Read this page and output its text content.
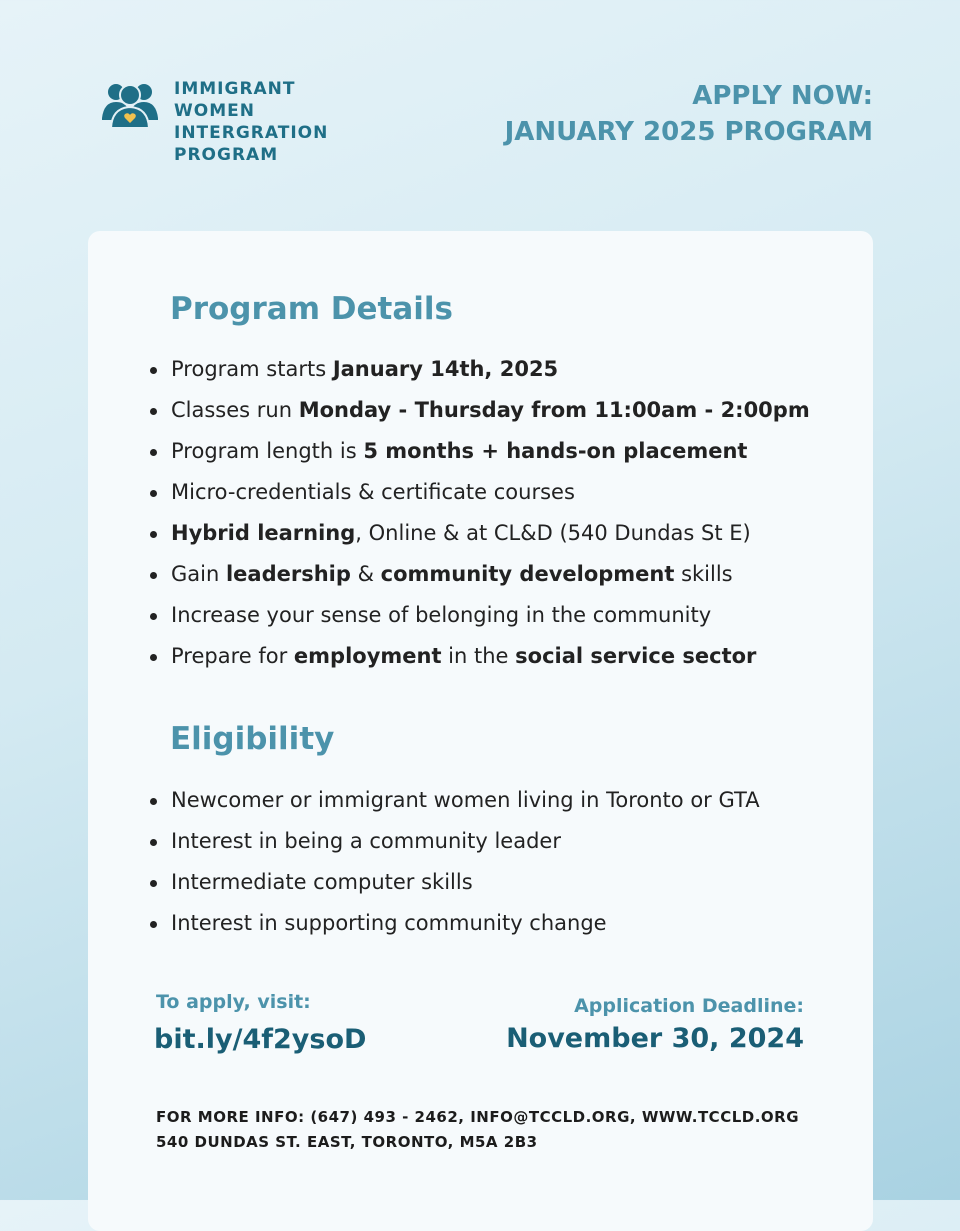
IMMIGRANT
WOMEN
INTERGRATION
PROGRAM
APPLY NOW:
JANUARY 2025 PROGRAM
Program Details
Program starts January 14th, 2025
Classes run Monday - Thursday from 11:00am - 2:00pm
Program length is 5 months + hands-on placement
Micro-credentials & certificate courses
Hybrid learning, Online & at CL&D (540 Dundas St E)
Gain leadership & community development skills
Increase your sense of belonging in the community
Prepare for employment in the social service sector
Eligibility
Newcomer or immigrant women living in Toronto or GTA
Interest in being a community leader
Intermediate computer skills
Interest in supporting community change
To apply, visit:
bit.ly/4f2ysoD
Application Deadline:
November 30, 2024
FOR MORE INFO: (647) 493 - 2462, INFO@TCCLD.ORG, WWW.TCCLD.ORG
540 DUNDAS ST. EAST, TORONTO, M5A 2B3
